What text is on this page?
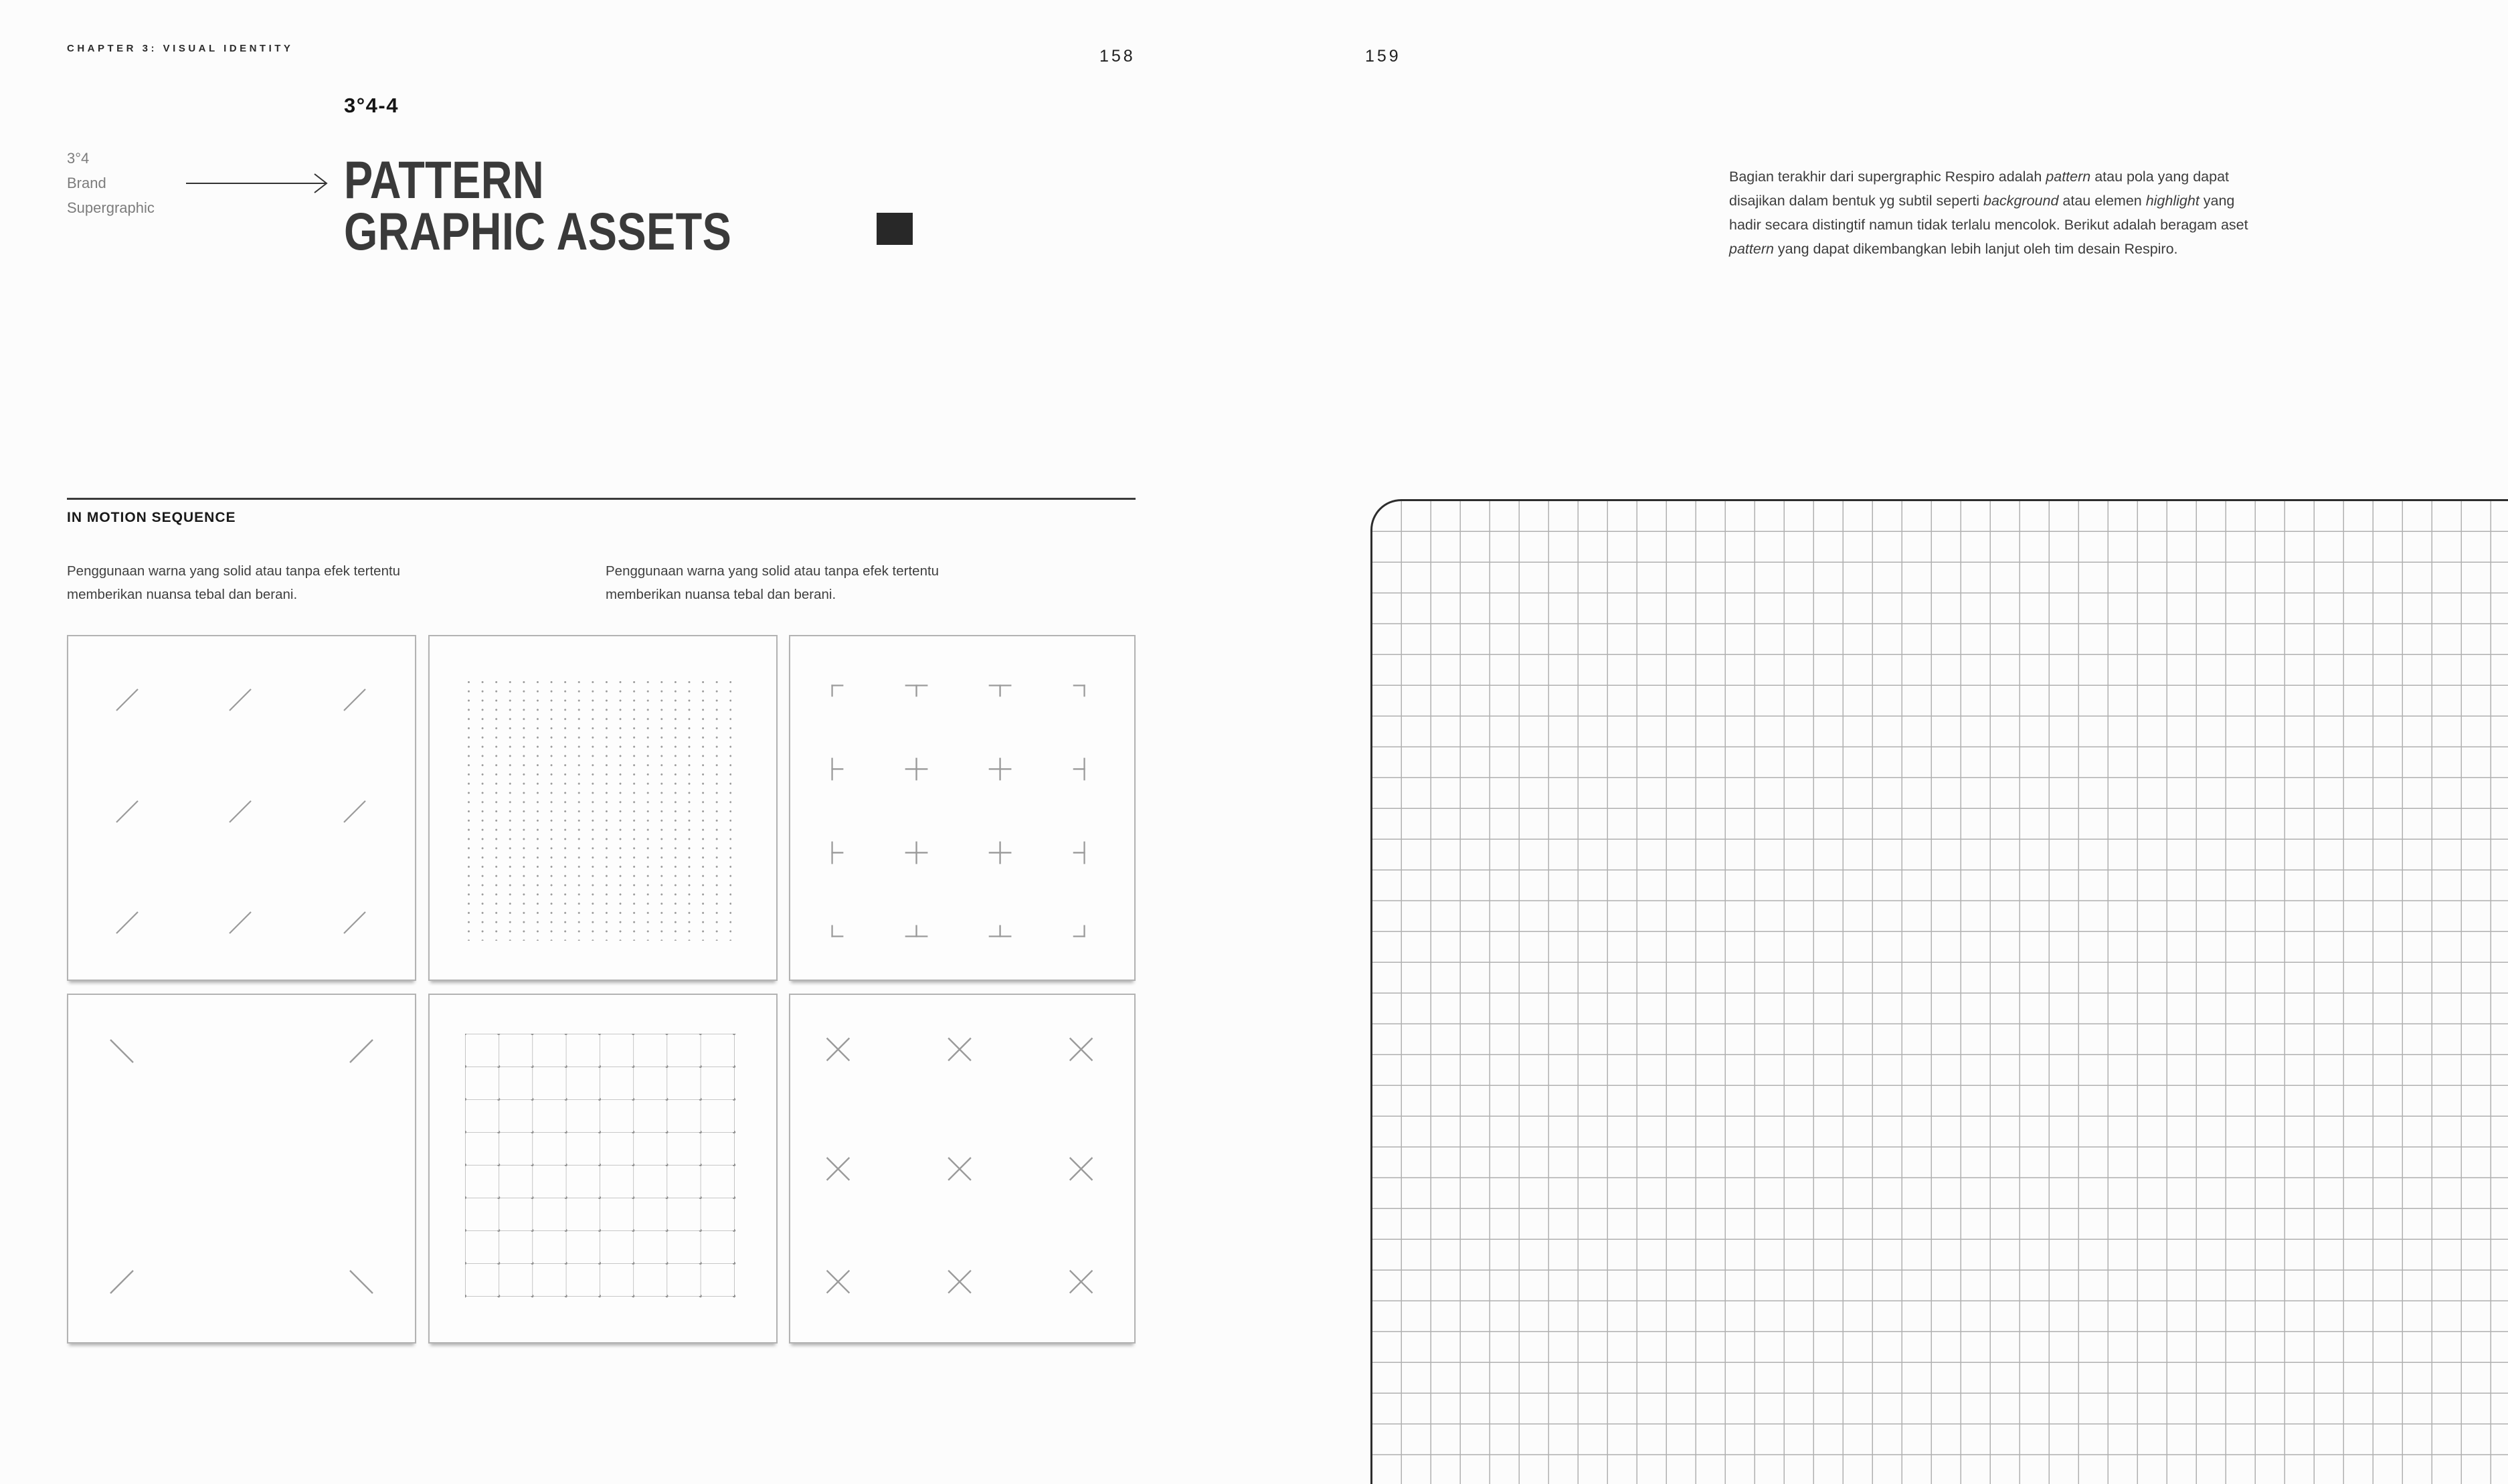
CHAPTER 3: VISUAL IDENTITY	158	159
3°4-4
3°4
Brand
Supergraphic	PATTERN
GRAPHIC ASSETS
Bagian terakhir dari supergraphic Respiro adalah pattern atau pola yang dapat
disajikan dalam bentuk yg subtil seperti background atau elemen highlight yang
hadir secara distingtif namun tidak terlalu mencolok. Berikut adalah beragam aset
pattern yang dapat dikembangkan lebih lanjut oleh tim desain Respiro.
IN MOTION SEQUENCE
Penggunaan warna yang solid atau tanpa efek tertentu
memberikan nuansa tebal dan berani.
Penggunaan warna yang solid atau tanpa efek tertentu
memberikan nuansa tebal dan berani.
